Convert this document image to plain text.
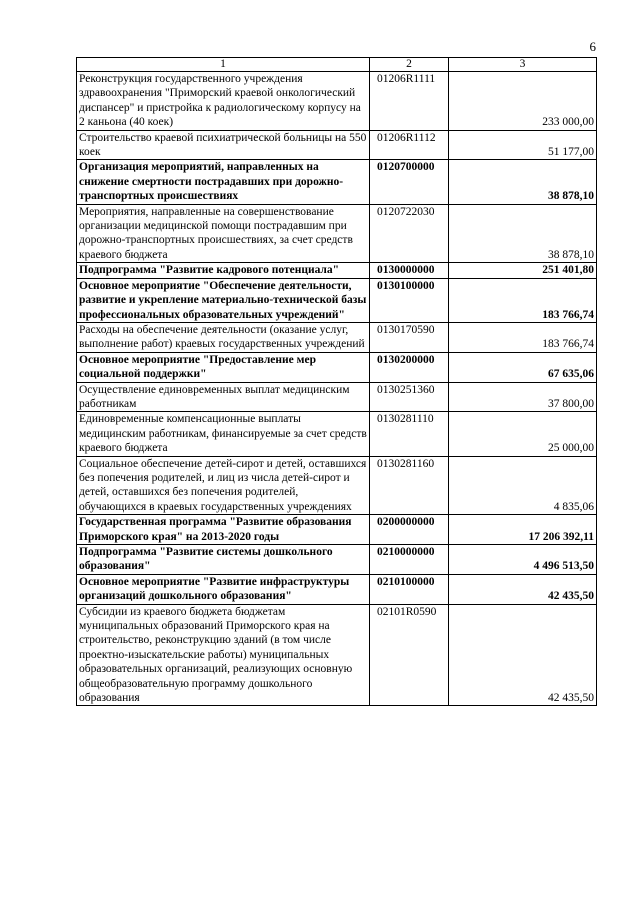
6
1	2	3
Реконструкция государственного учреждения здравоохранения "Приморский краевой онкологический диспансер" и пристройка к радиологическому корпусу на 2 каньона (40 коек)	01206R1111	233 000,00
Строительство краевой психиатрической больницы на 550 коек	01206R1112	51 177,00
Организация мероприятий, направленных на снижение смертности пострадавших при дорожно-транспортных происшествиях	0120700000	38 878,10
Мероприятия, направленные на совершенствование организации медицинской помощи пострадавшим при дорожно-транспортных происшествиях, за счет средств краевого бюджета	0120722030	38 878,10
Подпрограмма "Развитие кадрового потенциала"	0130000000	251 401,80
Основное мероприятие "Обеспечение деятельности, развитие и укрепление материально-технической базы профессиональных образовательных учреждений"	0130100000	183 766,74
Расходы на обеспечение деятельности (оказание услуг, выполнение работ) краевых государственных учреждений	0130170590	183 766,74
Основное мероприятие "Предоставление мер социальной поддержки"	0130200000	67 635,06
Осуществление единовременных выплат медицинским работникам	0130251360	37 800,00
Единовременные компенсационные выплаты медицинским работникам, финансируемые за счет средств краевого бюджета	0130281110	25 000,00
Социальное обеспечение детей-сирот и детей, оставшихся без попечения родителей, и лиц из числа детей-сирот и детей, оставшихся без попечения родителей, обучающихся в краевых государственных учреждениях	0130281160	4 835,06
Государственная программа "Развитие образования Приморского края" на 2013-2020 годы	0200000000	17 206 392,11
Подпрограмма "Развитие системы дошкольного образования"	0210000000	4 496 513,50
Основное мероприятие "Развитие инфраструктуры организаций дошкольного образования"	0210100000	42 435,50
Субсидии из краевого бюджета бюджетам муниципальных образований Приморского края на строительство, реконструкцию зданий (в том числе проектно-изыскательские работы) муниципальных образовательных организаций, реализующих основную общеобразовательную программу дошкольного образования	02101R0590	42 435,50
